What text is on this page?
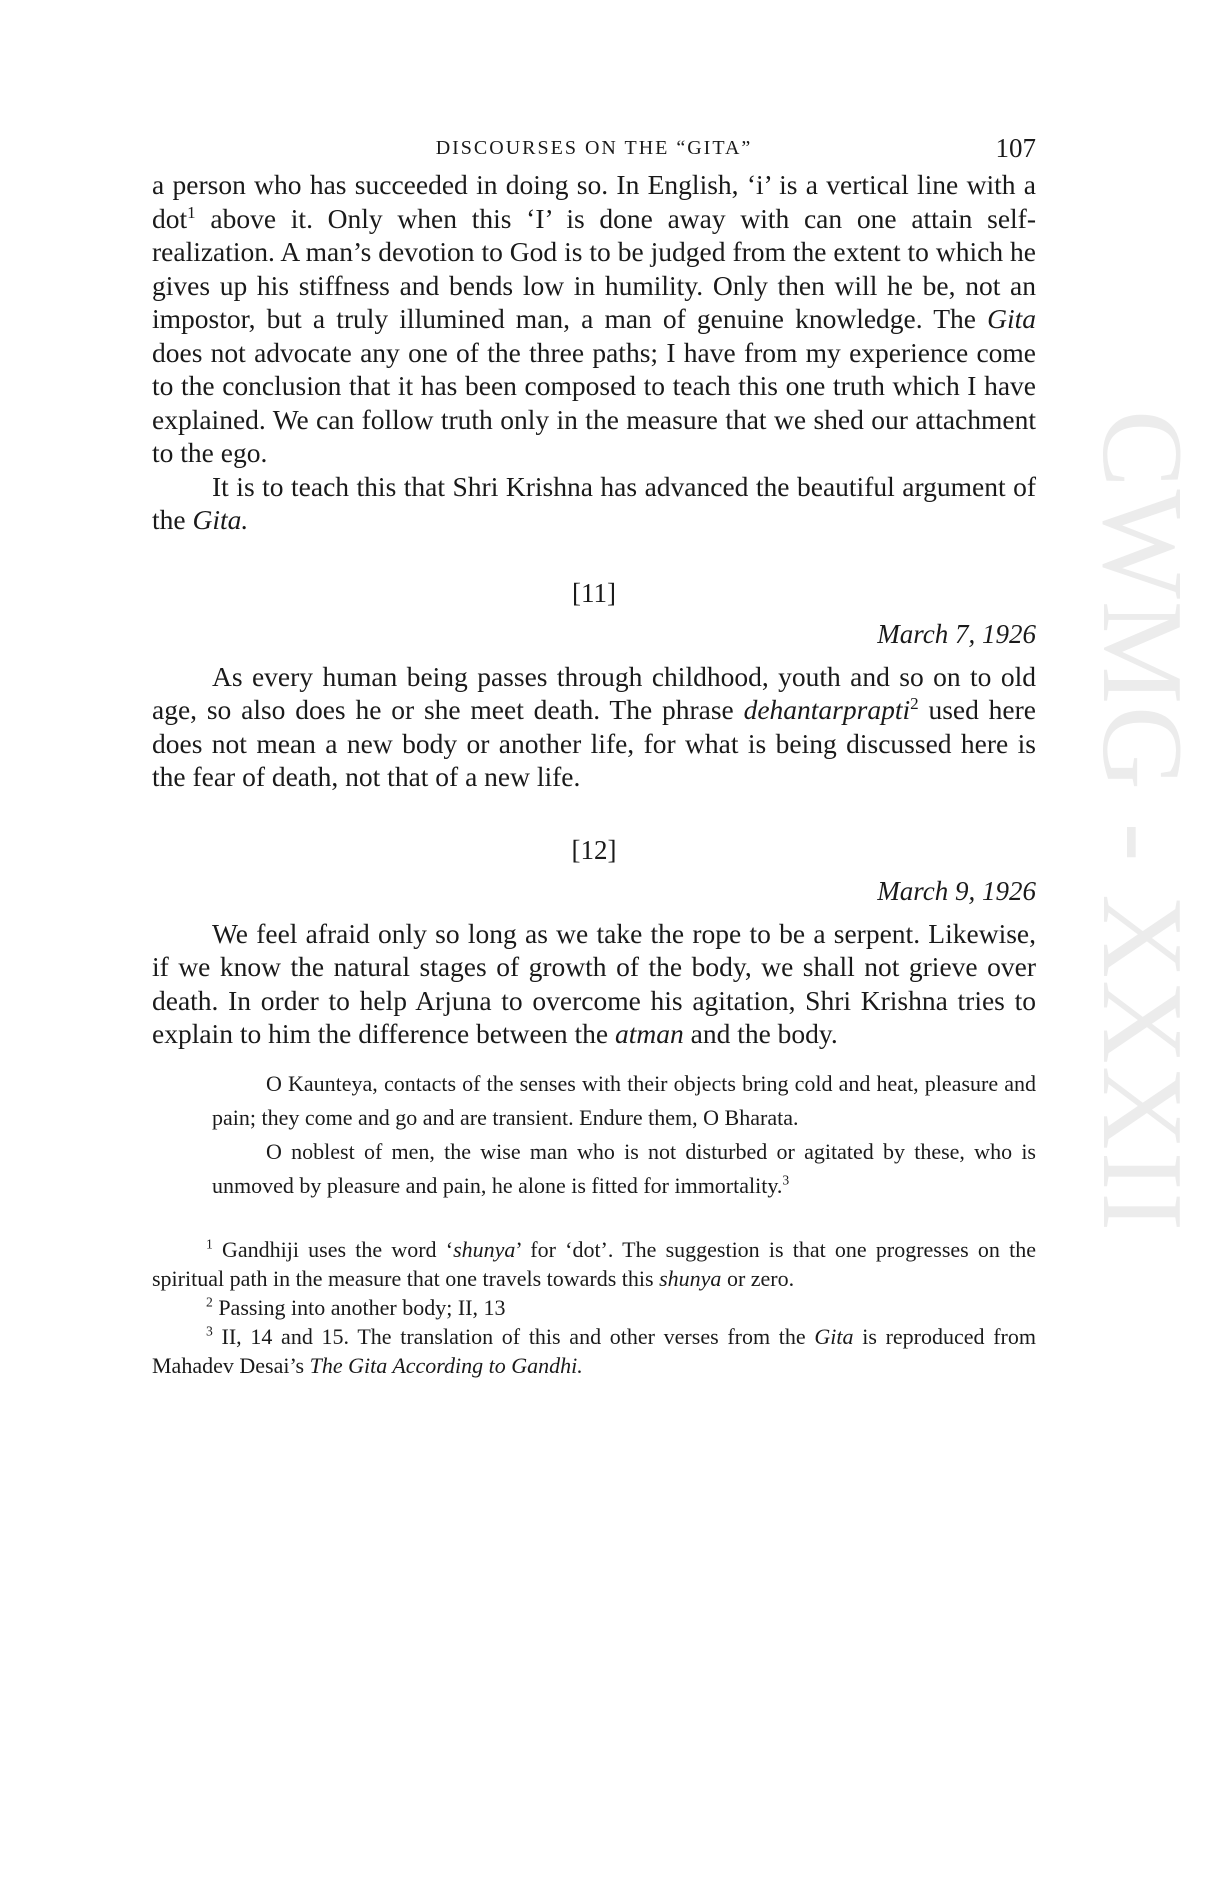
CWMG - XXXII
DISCOURSES ON THE “GITA”	107

a person who has succeeded in doing so. In English, ‘i’ is a vertical line with a dot$^1$ above it. Only when this ‘I’ is done away with can one attain self-realization. A man’s devotion to God is to be judged from the extent to which he gives up his stiffness and bends low in humility. Only then will he be, not an impostor, but a truly illumined man, a man of genuine knowledge. The Gita does not advocate any one of the three paths; I have from my experience come to the conclusion that it has been composed to teach this one truth which I have explained. We can follow truth only in the measure that we shed our attachment to the ego.

It is to teach this that Shri Krishna has advanced the beautiful argument of the Gita.

[11]
March 7, 1926

As every human being passes through childhood, youth and so on to old age, so also does he or she meet death. The phrase dehantarprapti$^2$ used here does not mean a new body or another life, for what is being discussed here is the fear of death, not that of a new life.

[12]
March 9, 1926

We feel afraid only so long as we take the rope to be a serpent. Likewise, if we know the natural stages of growth of the body, we shall not grieve over death. In order to help Arjuna to overcome his agitation, Shri Krishna tries to explain to him the difference between the atman and the body.

O Kaunteya, contacts of the senses with their objects bring cold and heat, pleasure and pain; they come and go and are transient. Endure them, O Bharata.

O noblest of men, the wise man who is not disturbed or agitated by these, who is unmoved by pleasure and pain, he alone is fitted for immortality.$^3$

$^1$ Gandhiji uses the word ‘shunya’ for ‘dot’. The suggestion is that one progresses on the spiritual path in the measure that one travels towards this shunya or zero.

$^2$ Passing into another body; II, 13

$^3$ II, 14 and 15. The translation of this and other verses from the Gita is reproduced from Mahadev Desai’s The Gita According to Gandhi.
